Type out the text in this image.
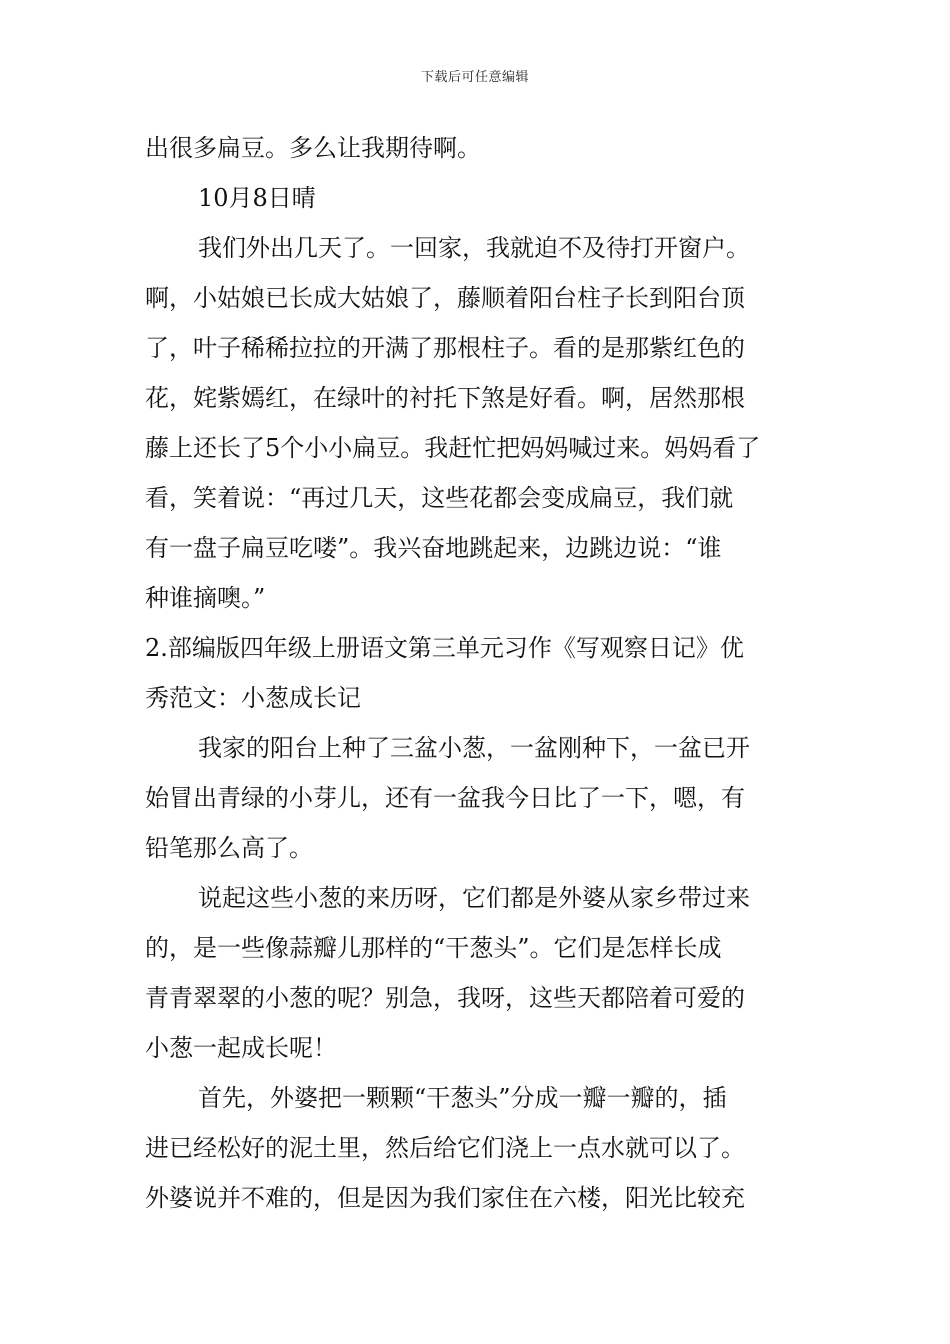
下载后可任意编辑
出很多扁豆。多么让我期待啊。
10月8日晴
我们外出几天了。一回家，我就迫不及待打开窗户。
啊，小姑娘已长成大姑娘了，藤顺着阳台柱子长到阳台顶
了，叶子稀稀拉拉的开满了那根柱子。看的是那紫红色的
花，姹紫嫣红，在绿叶的衬托下煞是好看。啊，居然那根
藤上还长了5个小小扁豆。我赶忙把妈妈喊过来。妈妈看了
看，笑着说：“再过几天，这些花都会变成扁豆，我们就
有一盘子扁豆吃喽”。我兴奋地跳起来，边跳边说：“谁
种谁摘噢。”
2.部编版四年级上册语文第三单元习作《写观察日记》优
秀范文：小葱成长记
我家的阳台上种了三盆小葱，一盆刚种下，一盆已开
始冒出青绿的小芽儿，还有一盆我今日比了一下，嗯，有
铅笔那么高了。
说起这些小葱的来历呀，它们都是外婆从家乡带过来
的，是一些像蒜瓣儿那样的“干葱头”。它们是怎样长成
青青翠翠的小葱的呢？别急，我呀，这些天都陪着可爱的
小葱一起成长呢！
首先，外婆把一颗颗“干葱头”分成一瓣一瓣的，插
进已经松好的泥土里，然后给它们浇上一点水就可以了。
外婆说并不难的，但是因为我们家住在六楼，阳光比较充
